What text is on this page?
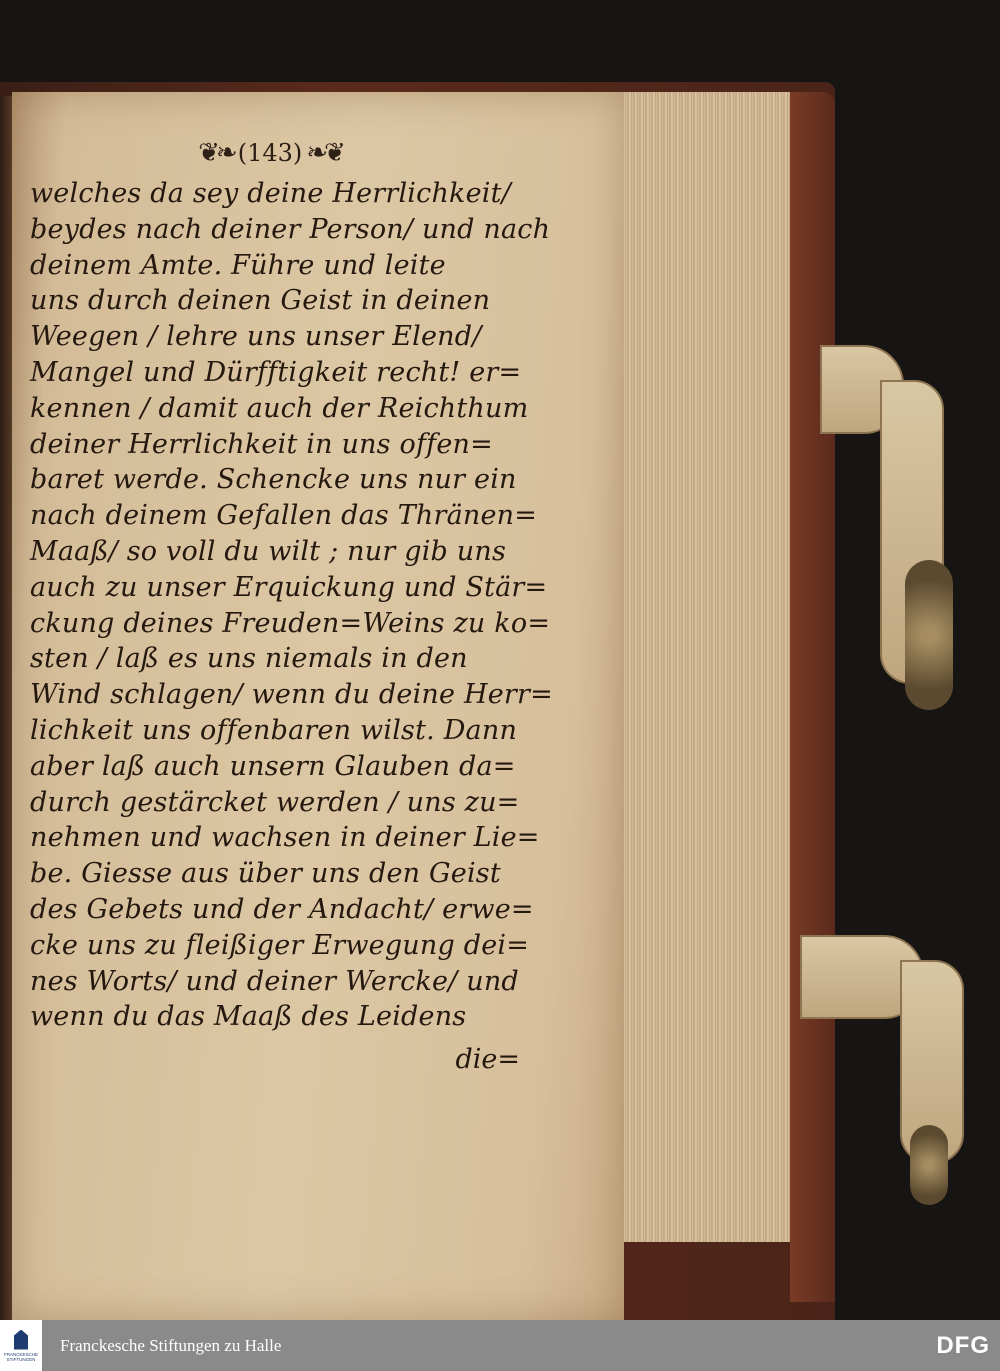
❦❧ (143) ❧❦
welches da sey deine Herrlichkeit/
beydes nach deiner Person/ und nach
deinem Amte. Führe und leite
uns durch deinen Geist in deinen
Weegen / lehre uns unser Elend/
Mangel und Dürfftigkeit recht! er=
kennen / damit auch der Reichthum
deiner Herrlichkeit in uns offen=
baret werde. Schencke uns nur ein
nach deinem Gefallen das Thränen=
Maaß/ so voll du wilt ; nur gib uns
auch zu unser Erquickung und Stär=
ckung deines Freuden=Weins zu ko=
sten / laß es uns niemals in den
Wind schlagen/ wenn du deine Herr=
lichkeit uns offenbaren wilst. Dann
aber laß auch unsern Glauben da=
durch gestärcket werden / uns zu=
nehmen und wachsen in deiner Lie=
be. Giesse aus über uns den Geist
des Gebets und der Andacht/ erwe=
cke uns zu fleißiger Erwegung dei=
nes Worts/ und deiner Wercke/ und
wenn du das Maaß des Leidens
die=
FRANCKESCHE STIFTUNGEN
Franckesche Stiftungen zu Halle	DFG
